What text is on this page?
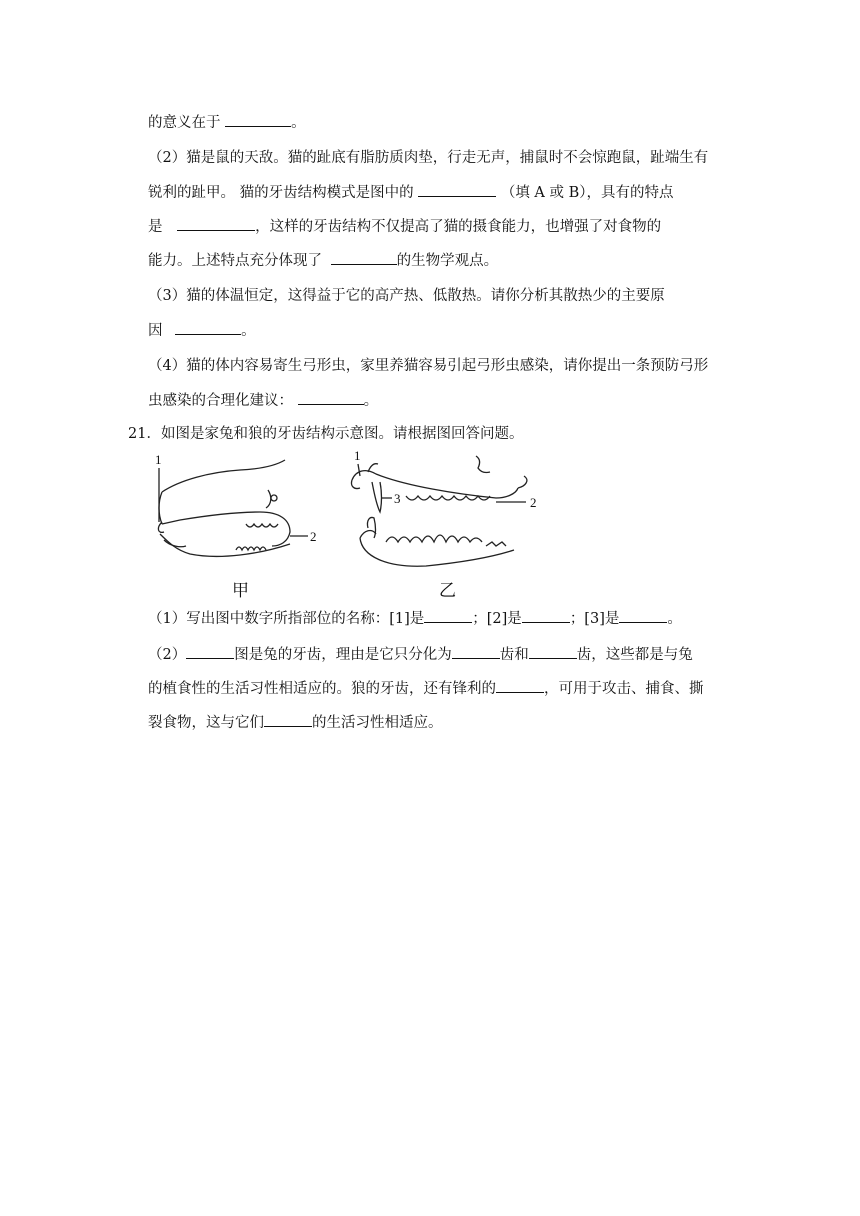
的意义在于	。
（2）猫是鼠的天敌。猫的趾底有脂肪质肉垫，行走无声，捕鼠时不会惊跑鼠，趾端生有
锐利的趾甲。 猫的牙齿结构模式是图中的	（填 A 或 B），具有的特点
是	，这样的牙齿结构不仅提高了猫的摄食能力，也增强了对食物的
能力。上述特点充分体现了	的生物学观点。
（3）猫的体温恒定，这得益于它的高产热、低散热。请你分析其散热少的主要原
因	。
（4）猫的体内容易寄生弓形虫，家里养猫容易引起弓形虫感染，请你提出一条预防弓形
虫感染的合理化建议：	。
21．如图是家兔和狼的牙齿结构示意图。请根据图回答问题。
1
2
甲
1
3	2
乙
（1）写出图中数字所指部位的名称：[1]是	；[2]是	；[3]是	。
（2）	图是兔的牙齿，理由是它只分化为	齿和	齿，这些都是与兔
的植食性的生活习性相适应的。狼的牙齿，还有锋利的	，可用于攻击、捕食、撕
裂食物，这与它们	的生活习性相适应。
